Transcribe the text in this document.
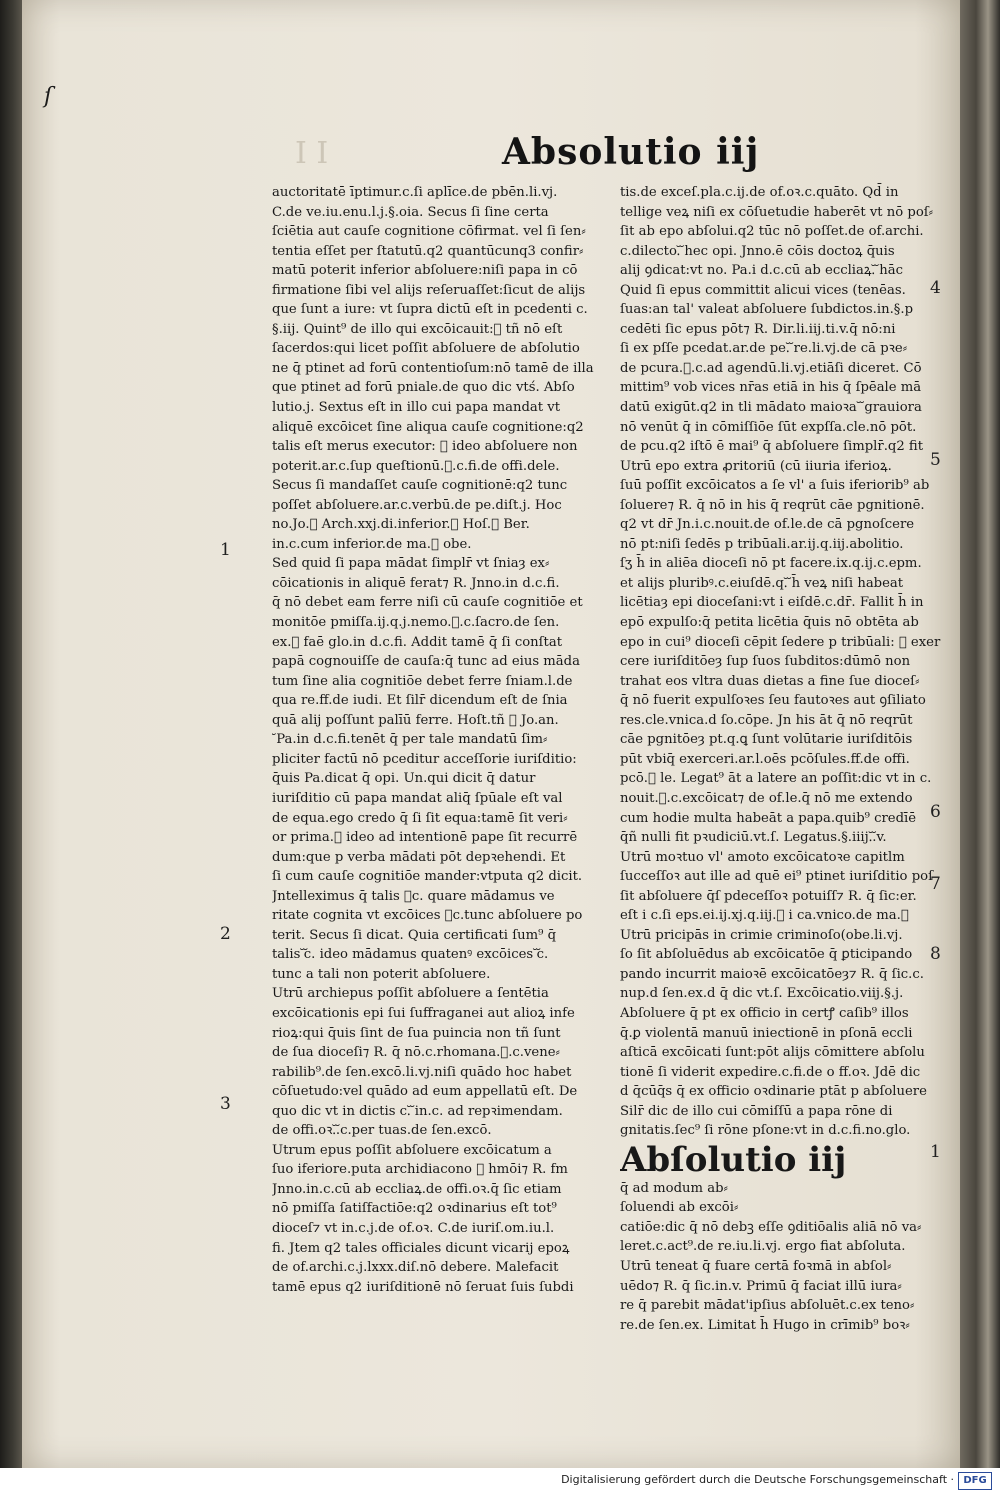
ſ
I I	Absolutio iij
auctoritatē īptimur.c.ſi aplīce.de pbēn.li.vj.
C.de ve.iu.enu.l.j.§.oia. Secus ſi ſine certa
ſciētia aut cauſe cognitione cōfirmat. vel ſi ſen⸗
tentia eſſet per ſtatutū.q2 quantūcunq3 confir⸗
matū poterit inferior abſoluere:niſi papa in cō
firmatione ſibi vel alijs reſeruaſſet:ſicut de alijs
que ſunt a iure: vt ſupra dictū eſt in pcedenti c.
§.iij. Quint⁹ de illo qui excōicauit:ᷓ tñ nō eſt
ſacerdos:qui licet poſſit abſoluere de abſolutio
ne q̄ ptinet ad forū contentioſum:nō tamē de illa
que ptinet ad forū pniale.de quo dic vtś. Abſo
lutio.j. Sextus eſt in illo cui papa mandat vt
aliquē excōicet ſine aliqua cauſe cognitione:q2
talis eſt merus executor: ᷓ ideo abſoluere non
poterit.ar.c.ſup queſtionū.ᷓ.c.fi.de offi.dele.
Secus ſi mandaſſet cauſe cognitionē:q2 tunc
poſſet abſoluere.ar.c.verbū.de pe.diſt.j. Hoc
no.Jo.ᷓ Arch.xxj.di.inferior.ᷓ Hoſ.ᷓ Ber.
in.c.cum inferior.de ma.ᷓ obe.
Sed quid ſi papa mādat ſimplr̄ vt ſniaȝ ex⸗
cōicationis in aliquē ferat⁊ R. Jnno.in d.c.fi.
q̄ nō debet eam ferre niſi cū cauſe cognitiōe et
monitōe pmiſſa.ij.q.j.nemo.ᷓ.c.ſacro.de ſen.
ex.ᷓ faē glo.in d.c.fi. Addit tamē q̄ ſi conſtat
papā cognouiſſe de cauſa:q̄ tunc ad eius māda
tum ſine alia cognitiōe debet ferre ſniam.l.de
qua re.ff.de iudi. Et ſilr̄ dicendum eſt de ſnia
quā alij poſſunt palīū ferre. Hoſt.tñ ᷓ Jo.an.
ᷓ Pa.in d.c.fi.tenēt q̄ per tale mandatū ſim⸗
pliciter factū nō pceditur acceſſorie iuriſditio:
q̄uis Pa.dicat q̄ opi. Un.qui dicit q̄ datur
iuriſditio cū papa mandat aliq̄ ſpūale eſt val
de equa.ego credo q̄ ſi ſit equa:tamē ſit veri⸗
or prima.ᷓ ideo ad intentionē pape ſit recurrē
dum:que p verba mādati pōt depꝛehendi. Et
ſi cum cauſe cognitiōe mander:vtputa q2 dicit.
Jntelleximus q̄ talis ᷓc. quare mādamus ve
ritate cognita vt excōices ᷓc.tunc abſoluere po
terit. Secus ſi dicat. Quia certificati ſum⁹ q̄
talis ᷓc. ideo mādamus quatenꝰ excōices ᷓc.
tunc a tali non poterit abſoluere.
Utrū archiepus poſſit abſoluere a ſentētia
excōicationis epi ſui ſuffraganei aut alioꝝ infe
rioꝝ:qui q̄uis ſint de ſua puincia non tñ ſunt
de ſua dioceſi⁊ R. q̄ nō.c.rhomana.ᷓ.c.vene⸗
rabilib⁹.de ſen.excō.li.vj.niſi quādo hoc habet
cōſuetudo:vel quādo ad eum appellatū eſt. De
quo dic vt in dictis c.ᷓ in.c. ad repꝛimendam.
de offi.oꝛ.ᷓ.c.per tuas.de ſen.excō.
Utrum epus poſſit abſoluere excōicatum a
ſuo iferiore.puta archidiacono ᷓ hmōi⁊ R. fm
Jnno.in.c.cū ab eccliaꝝ.de offi.oꝛ.q̄ ſic etiam
nō pmiſſa ſatiſfactiōe:q2 oꝛdinarius eſt tot⁹
dioceſ⁊ vt in.c.j.de of.oꝛ. C.de iuriſ.om.iu.l.
fi. Jtem q2 tales officiales dicunt vicarij epoꝝ
de of.archi.c.j.lxxx.diſ.nō debere. Malefacit
tamē epus q2 iuriſditionē nō ſeruat ſuis ſubdi
tis.de exceſ.pla.c.ij.de of.oꝛ.c.quāto. Qd̄ in
tellige veꝝ niſi ex cōſuetudie haberēt vt nō poſ⸗
ſit ab epo abſolui.q2 tūc nō poſſet.de of.archi.
c.dilecto.ᷓ hec opi. Jnno.ē cōis doctoꝝ q̄uis
alij ꝯdicat:vt no. Pa.i d.c.cū ab eccliaꝝ.ᷓ hāc
Quid ſi epus committit alicui vices (tenēas.
ſuas:an tal' valeat abſoluere ſubdictos.in.§.p
cedēti ſic epus pōt⁊ R. Dir.li.iij.ti.v.q̄ nō:ni
ſi ex pſſe pcedat.ar.de pe.ᷓ re.li.vj.de cā pꝛe⸗
de pcura.ᷓ.c.ad agendū.li.vj.etiāſi diceret. Cō
mittim⁹ vob vices nr̄as etiā in his q̄ ſpēale mā
datū exigūt.q2 in tli mādato maioꝛa ᷓ grauiora
nō venūt q̄ in cōmiſſiōe ſūt expſſa.cle.nō pōt.
de pcu.q2 iſtō ē mai⁹ q̄ abſoluere ſimplr̄.q2 fit
Utrū epo extra ꝓritoriū (cū iiuria iferioꝝ.
ſuū poſſit excōicatos a ſe vl' a ſuis iferiorib⁹ ab
ſoluere⁊ R. q̄ nō in his q̄ reqrūt cāe pgnitionē.
q2 vt dr̄ Jn.i.c.nouit.de of.le.de cā pgnoſcere
nō pt:niſi ſedēs p tribūali.ar.ij.q.iij.abolitio.
ſʒ h̄ in aliēa dioceſi nō pt facere.ix.q.ij.c.epm.
et alijs pluribꝰ.c.eiuſdē.q.ᷓ h̄ veꝝ niſi habeat
licētiaȝ epi dioceſani:vt i eiſdē.c.dr̄. Fallit h̄ in
epō expulſo:q̄ petita licētia q̄uis nō obtēta ab
epo in cui⁹ dioceſi cēpit ſedere p tribūali: ᷓ exer
cere iuriſditōeȝ ſup ſuos ſubditos:dūmō non
trahat eos vltra duas dietas a fine ſue dioceſ⸗
q̄ nō fuerit expulſoꝛes ſeu fautoꝛes aut ꝯſiliato
res.cle.vnica.d ſo.cōpe. Jn his āt q̄ nō reqrūt
cāe pgnitōeȝ pt.q.ꝗ ſunt volūtarie iuriſditōis
pūt vbiq̄ exerceri.ar.l.oēs pcōſules.ff.de offi.
pcō.ᷓ le. Legat⁹ āt a latere an poſſit:dic vt in c.
nouit.ᷓ.c.excōicat⁊ de of.le.q̄ nō me extendo
cum hodie multa habeāt a papa.quib⁹ credīē
q̄ñ nulli fit pꝛudiciū.vt.ſ. Legatus.§.iiij.ᷓ.v.
Utrū moꝛtuo vl' amoto excōicatoꝛe capitlm
ſucceſſoꝛ aut ille ad quē ei⁹ ptinet iuriſditio poſ
ſit abſoluere q̄ſ pdeceſſoꝛ potuiſſ⁊ R. q̄ ſic:er.
eſt i c.ſi eps.ei.ij.xj.q.iij.ᷓ i ca.vnico.de ma.ᷓ
Utrū pricipās in crimie criminoſo(obe.li.vj.
ſo ſit abſoluēdus ab excōicatōe q̄ ꝑticipando
pando incurrit maioꝛē excōicatōeȝ⁊ R. q̄ ſic.c.
nup.d ſen.ex.d q̄ dic vt.ſ. Excōicatio.viij.§.j.
Abſoluere q̄ pt ex officio in certꝭ caſib⁹ illos
q̄.ꝑ violentā manuū iniectionē in pſonā eccli
aſticā excōicati ſunt:pōt alijs cōmittere abſolu
tionē ſi viderit expedire.c.fi.de o ff.oꝛ. Jdē dic
d q̄cūq̄s q̄ ex officio oꝛdinarie ptāt p abſoluere
Silr̄ dic de illo cui cōmiſſū a papa rōne di
gnitatis.ſec⁹ ſi rōne pſone:vt in d.c.fi.no.glo.
Abſolutio iij
q̄ ad modum ab⸗
ſoluendi ab excōi⸗
catiōe:dic q̄ nō debꝫ eſſe ꝯditiōalis aliā nō va⸗
leret.c.act⁹.de re.iu.li.vj. ergo fiat abſoluta.
Utrū teneat q̄ fuare certā foꝛmā in abſol⸗
uēdo⁊ R. q̄ ſic.in.v. Primū q̄ faciat illū iura⸗
re q̄ parebit mādat'ipſius abſoluēt.c.ex teno⸗
re.de ſen.ex. Limitat h̄ Hugo in crīmib⁹ boꝛ⸗
1
2
3
4
5
6
7
8
1
Digitalisierung gefördert durch die Deutsche Forschungsgemeinschaft · DFG
